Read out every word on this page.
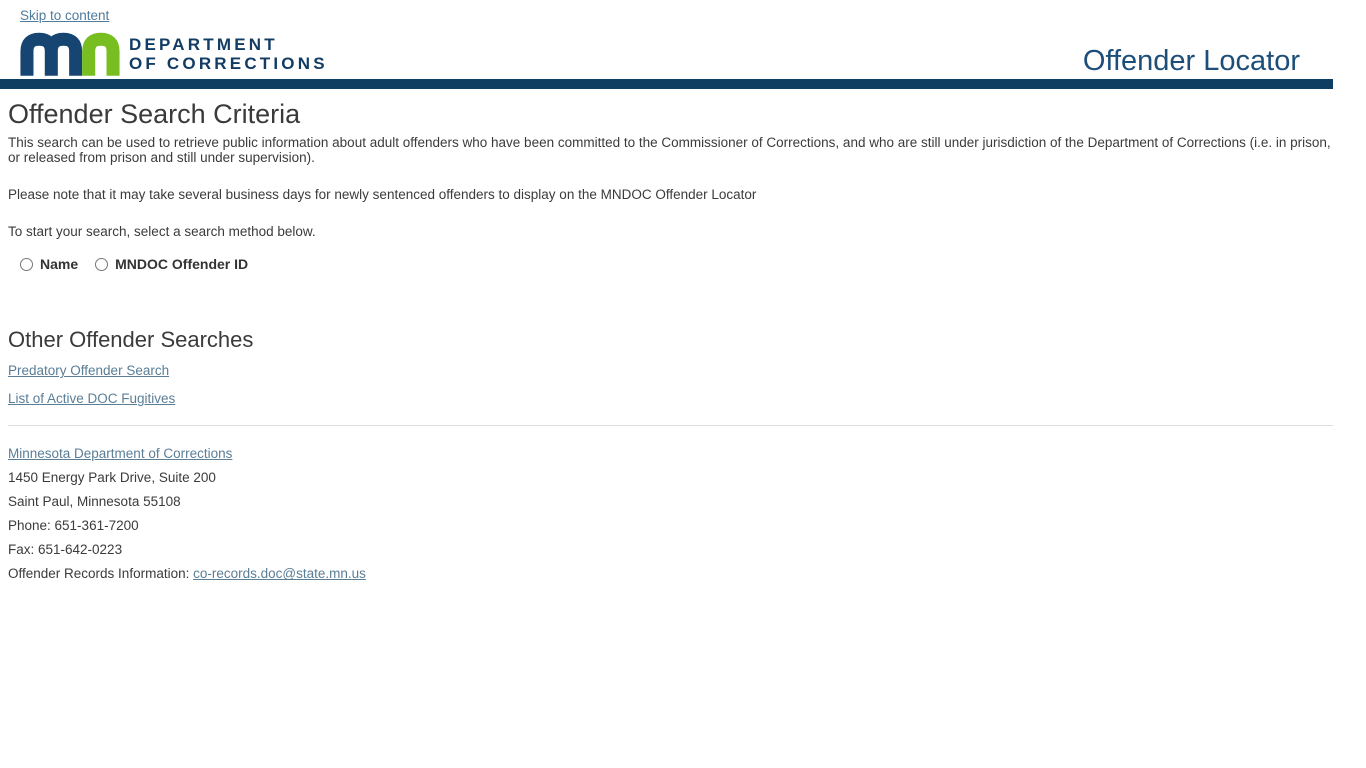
Skip to content
DEPARTMENT
OF CORRECTIONS	Offender Locator
Offender Search Criteria

This search can be used to retrieve public information about adult offenders who have been committed to the Commissioner of Corrections, and who are still under jurisdiction of the Department of Corrections (i.e. in prison, or released from prison and still under supervision).

Please note that it may take several business days for newly sentenced offenders to display on the MNDOC Offender Locator

To start your search, select a search method below.

Name	MNDOC Offender ID
Other Offender Searches

Predatory Offender Search

List of Active DOC Fugitives

Minnesota Department of Corrections

1450 Energy Park Drive, Suite 200

Saint Paul, Minnesota 55108

Phone: 651-361-7200

Fax: 651-642-0223

Offender Records Information: co-records.doc@state.mn.us
